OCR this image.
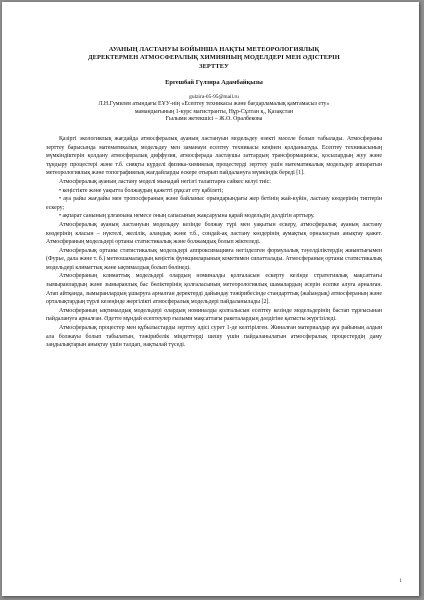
АУАНЫҢ ЛАСТАНУЫ БОЙЫНША НАҚТЫ МЕТЕОРОЛОГИЯЛЫҚ

ДЕРЕКТЕРМЕН АТМОСФЕРАЛЫҚ ХИМИЯНЫҢ МОДЕЛДЕРІ МЕН ӘДІСТЕРІН

ЗЕРТТЕУ

Ергешбай Гүлзира Адамбайқызы

gulzira-05-95@mail.ru

Л.Н.Гумилев атындағы ЕҰУ-нің «Есептеу техникасы және бағдарламалық қамтамасыз ету»

мамандығының 1-курс магистранты, Нұр-Сұлтан қ., Қазақстан

Ғылыми жетекшісі – Ж.О. Оралбекова

Қазіргі экологиялық жағдайда атмосфералық ауаның ластануын модельдеу өзекті мәселе болып табылады. Атмосфераны зерттеу барысында математикалық модельдеу мен заманауи есептеу техникасы кеңінен қолданылуда. Есептеу техникасының мүмкіндіктерін қолдану атмосфералық диффузия, атмосферада ластаушы заттардың трансформациясы, қосылардың жуу және тұндыру процестері және т.б. сияқты күрделі физика-химиялық процестерді зерттеу үшін математикалық модельдер аппаратын метеорологиялық және топографиялық жағдайларды ескере отырып пайдалануға мүмкіндік береді [1].

Атмосфералық ауаның ластану моделі мынадай негізгі талаптарға сәйкес келуі тиіс:

• кеңістікте және уақытта болжаудың қажетті рұқсат ету қабілеті;

• ауа райы жағдайы мен тропосфераның және байланыс орындарындағы жер бетінің жай-күйін, ластану көздерінің типтерін ескеру;

• ақпарат санының ұлғаюына немесе оның сапасының жақсаруына қарай модельдің дәлдігін арттыру.

Атмосфералық ауаның ластануын модельдеу кезінде болжау түрі мен уақытын ескеру, атмосфералық ауаның ластану көздерінің класын – нүктелі, желілік, аландық және т.б., сондай-ақ ластану көздерінің аумақтық орналасуын анықтау қажет. Атмосфераның модельдері ортаны статистикалық және болжамдық болып жіктеледі.

Атмосфералық ортаны статистикалық модельдері аппроксимацияға негізделген формулалық тәуелділіктердің жиынтығымен (Фурье, дала және т. б.) метеошамалардың кеңістік функцияларының кометимен сипатталады. Атмосфераның ортаны статистикалық модельдері климаттық және ықтималдық болып бөлінеді.

Атмосфераның климаттық модельдері олардың номиналды қолғаласын ескерту кезінде стратегиялық мақсаттағы зымыранлардың және зымыранлық бас бөліктерінің қолғаласының метеорологиялық шамалардың әсерін есепке алуға арналған. Атап айтқанда, зымыранлардың ұшыруға арналған деректерді дайындау тәжірибесінде стандарттық (жаһандық) атмосфераның және орталықтардың түрлі кезеңінде жергілікті атмосфералық модельдері пайдаланылады [2].

Атмосфераның ықтималдық модельдері олардың номиналды қолғалысын есептеу кезінде модельдерінің бастап тұрғысынан пайдалануға арналған. Әдетте мұндай есептеулер ғылыми мақсаттағы ракеталардың дәлдігіне қатысты жүргізіледі.

Атмосфералық процестер мен құбылыстарды зерттеу әдісі сурет 1-де келтірілген. Жиналған материалдар ауа райының алдын ала болжауы болып табылатын, тәжірибелік міндеттерді шешу үшін пайдаланылатын атмосфералық процестердің даму заңдылықтарын анықтау үшін талдап, нақтылай түседі.

1
